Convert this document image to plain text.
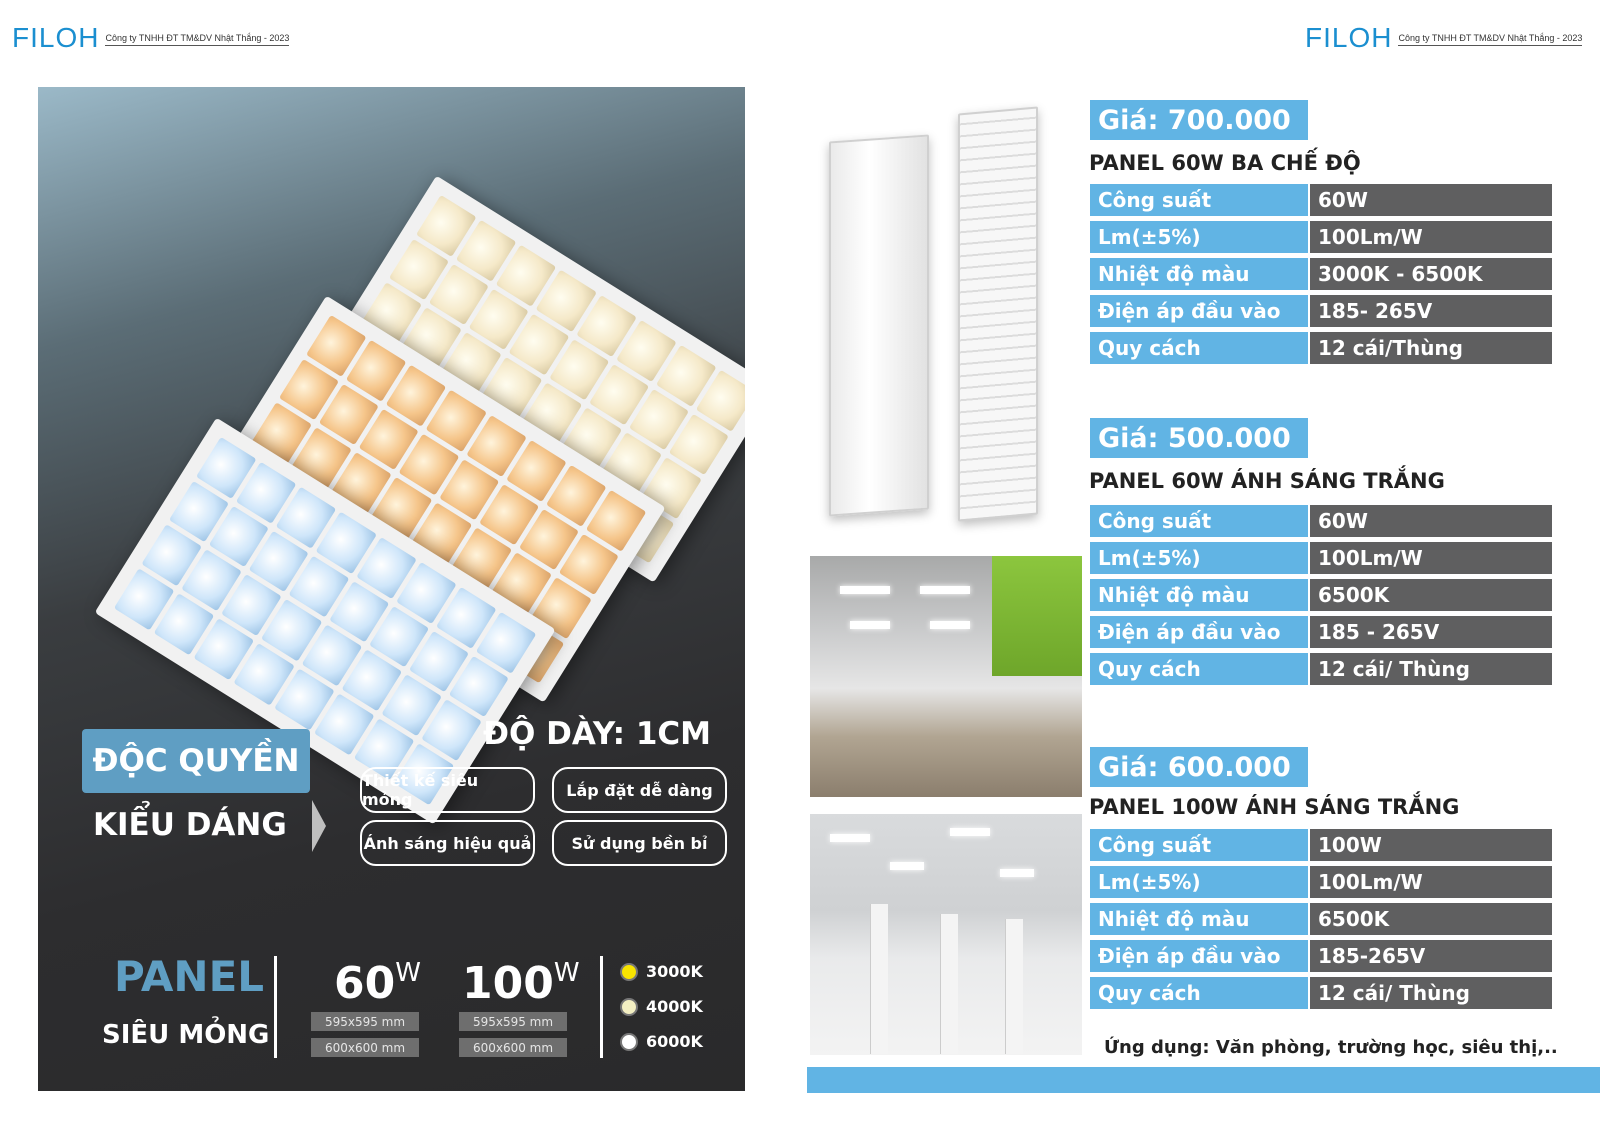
FILOH Công ty TNHH ĐT TM&DV Nhật Thắng - 2023	FILOH Công ty TNHH ĐT TM&DV Nhật Thắng - 2023
ĐỘC QUYỀN
KIỂU DÁNG
ĐỘ DÀY: 1CM
Thiết kế siêu mỏng	Lắp đặt dễ dàng
Ánh sáng hiệu quả	Sử dụng bền bỉ
PANEL
SIÊU MỎNG
$60^W$
595x595 mm
600x600 mm
$100^W$
595x595 mm
600x600 mm
3000K
4000K
6000K
Giá: 700.000
PANEL 60W BA CHẾ ĐỘ
Công suất	60W
Lm(±5%)	100Lm/W
Nhiệt độ màu	3000K - 6500K
Điện áp đầu vào	185- 265V
Quy cách	12 cái/Thùng
Giá: 500.000
PANEL 60W ÁNH SÁNG TRẮNG
Công suất	60W
Lm(±5%)	100Lm/W
Nhiệt độ màu	6500K
Điện áp đầu vào	185 - 265V
Quy cách	12 cái/ Thùng
Giá: 600.000
PANEL 100W ÁNH SÁNG TRẮNG
Công suất	100W
Lm(±5%)	100Lm/W
Nhiệt độ màu	6500K
Điện áp đầu vào	185-265V
Quy cách	12 cái/ Thùng
Ứng dụng: Văn phòng, trường học, siêu thị,..
